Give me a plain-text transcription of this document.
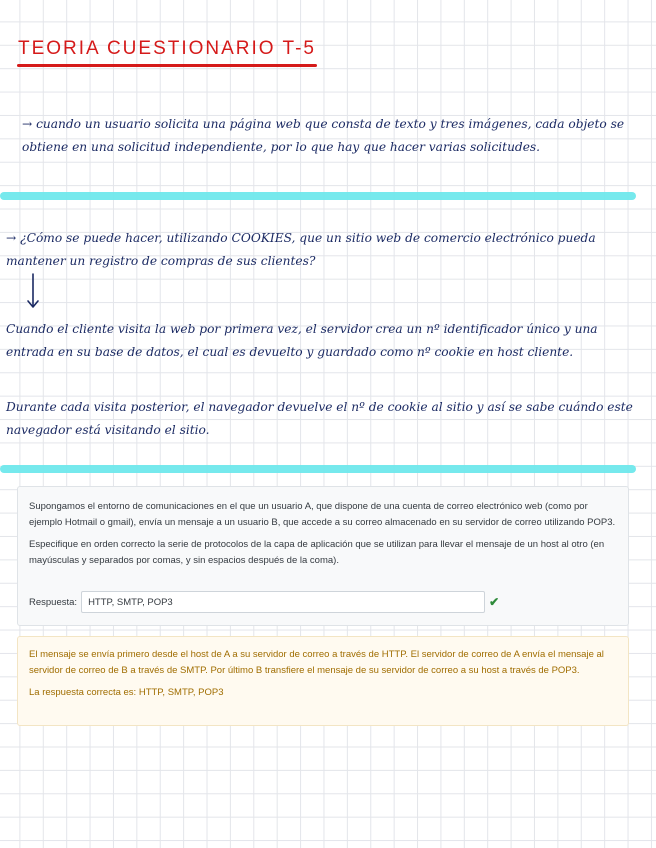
TEORIA CUESTIONARIO T-5

→ cuando un usuario solicita una página web que consta de texto y tres imágenes, cada objeto se obtiene en una solicitud independiente, por lo que hay que hacer varias solicitudes.

→ ¿Cómo se puede hacer, utilizando COOKIES, que un sitio web de comercio electrónico pueda mantener un registro de compras de sus clientes?

Cuando el cliente visita la web por primera vez, el servidor crea un nº identificador único y una entrada en su base de datos, el cual es devuelto y guardado como nº cookie en host cliente.

Durante cada visita posterior, el navegador devuelve el nº de cookie al sitio y así se sabe cuándo este navegador está visitando el sitio.

Supongamos el entorno de comunicaciones en el que un usuario A, que dispone de una cuenta de correo electrónico web (como por ejemplo Hotmail o gmail), envía un mensaje a un usuario B, que accede a su correo almacenado en su servidor de correo utilizando POP3.

Especifique en orden correcto la serie de protocolos de la capa de aplicación que se utilizan para llevar el mensaje de un host al otro (en mayúsculas y separados por comas, y sin espacios después de la coma).

Respuesta:
HTTP, SMTP, POP3	✔

El mensaje se envía primero desde el host de A a su servidor de correo a través de HTTP. El servidor de correo de A envía el mensaje al servidor de correo de B a través de SMTP. Por último B transfiere el mensaje de su servidor de correo a su host a través de POP3.

La respuesta correcta es: HTTP, SMTP, POP3
